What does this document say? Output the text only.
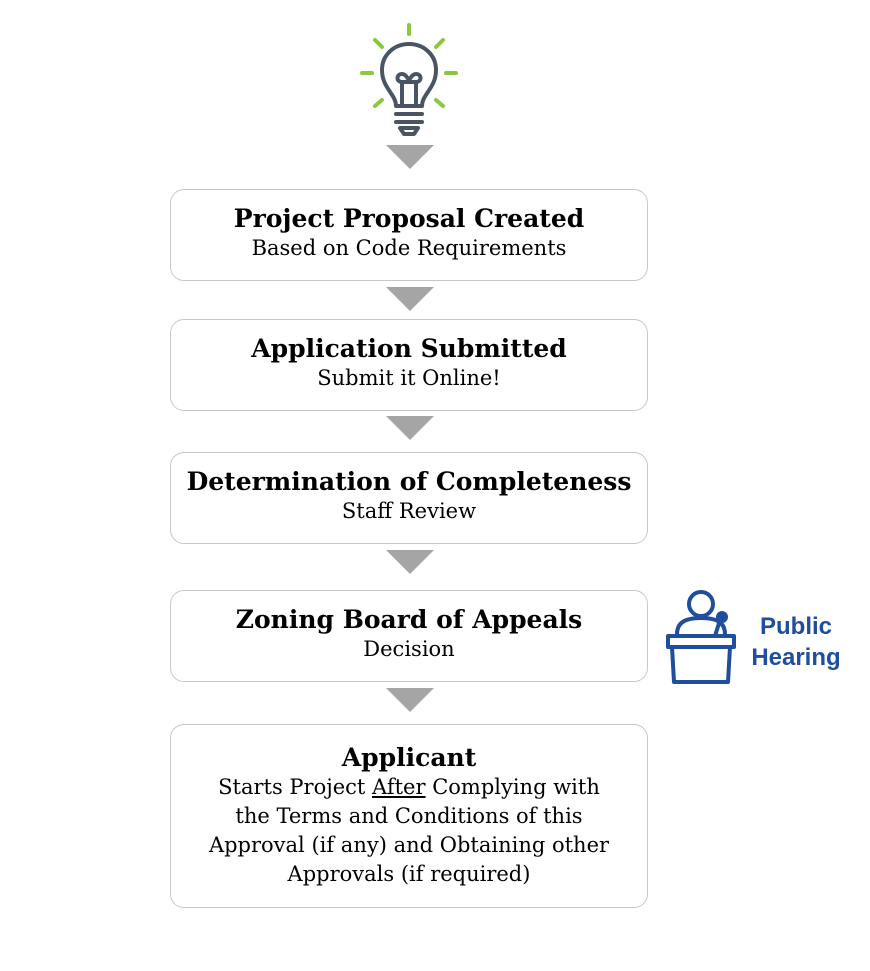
Project Proposal Created
Based on Code Requirements
Application Submitted
Submit it Online!
Determination of Completeness
Staff Review
Zoning Board of Appeals
Decision
Public
Hearing
Applicant
Starts Project After Complying with
the Terms and Conditions of this
Approval (if any) and Obtaining other
Approvals (if required)
